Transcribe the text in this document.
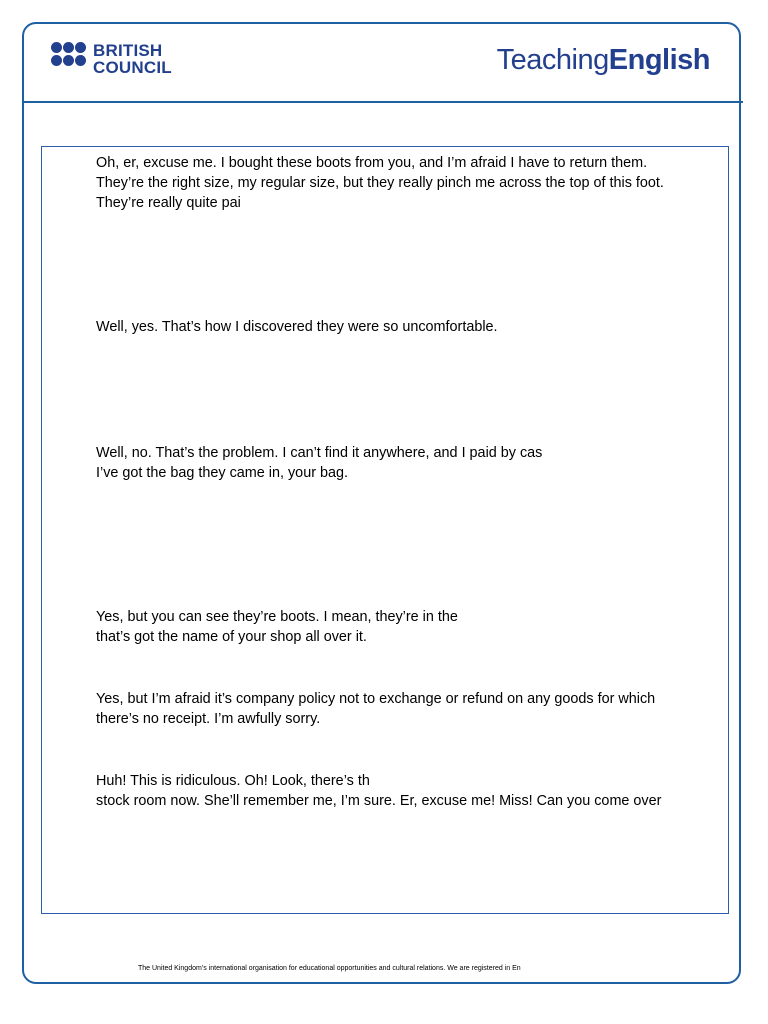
BRITISH
COUNCIL	TeachingEnglish
Oh, er, excuse me. I bought these boots from you, and I’m afraid I have to return them.
They’re the right size, my regular size, but they really pinch me across the top of this foot.
They’re really quite pai
Well, yes. That’s how I discovered they were so uncomfortable.
Well, no. That’s the problem. I can’t find it anywhere, and I paid by cas
I’ve got the bag they came in, your bag.
Yes, but you can see they’re boots. I mean, they’re in the
that’s got the name of your shop all over it.
Yes, but I’m afraid it’s company policy not to exchange or refund on any goods for which
there’s no receipt. I’m awfully sorry.
Huh! This is ridiculous. Oh! Look, there’s th
stock room now. She’ll remember me, I’m sure. Er, excuse me! Miss! Can you come over
The United Kingdom’s international organisation for educational opportunities and cultural relations. We are registered in En
